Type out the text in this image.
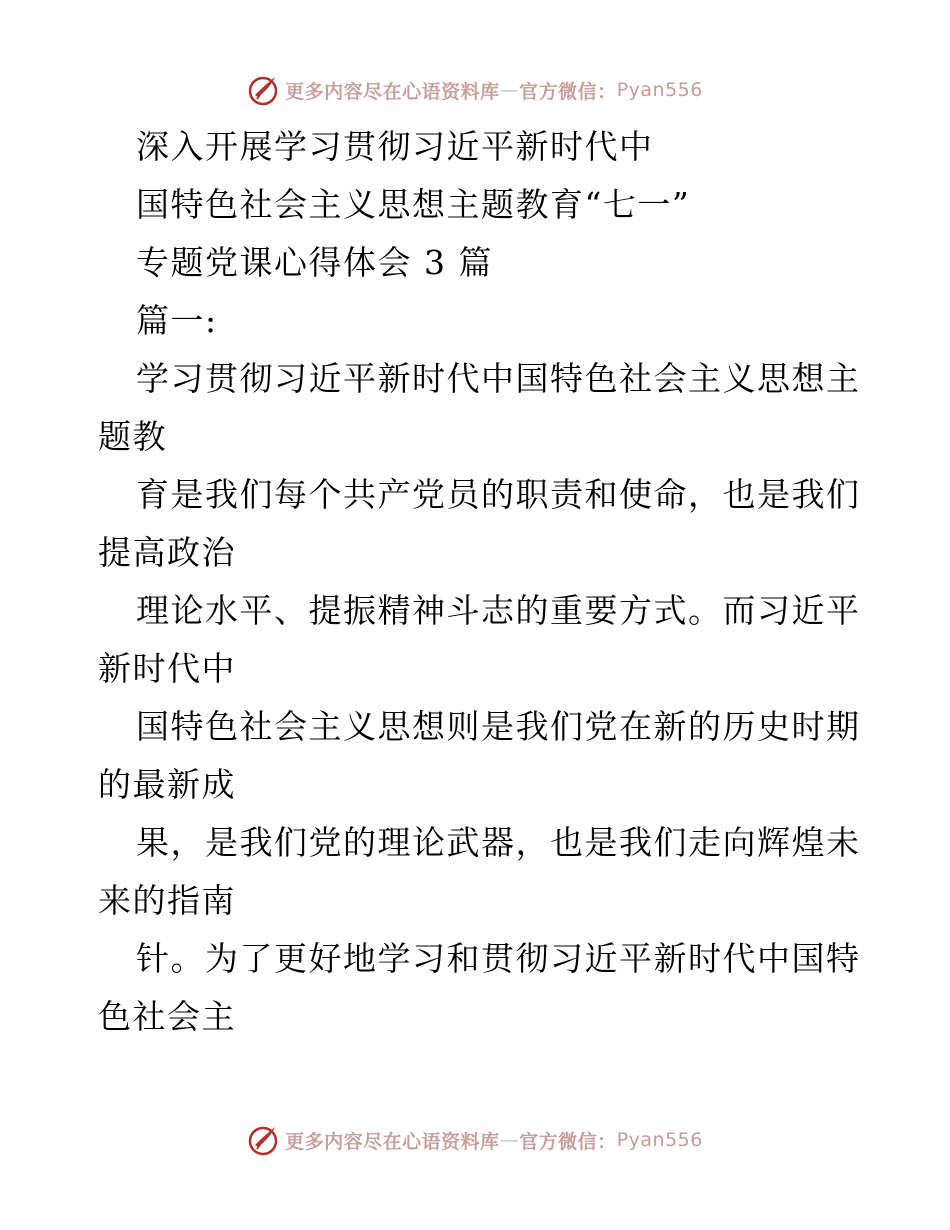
更多内容尽在心语资料库 — 官方微信： Pyan556
深入开展学习贯彻习近平新时代中
国特色社会主义思想主题教育“七一”
专题党课心得体会 3 篇
篇一:
学习贯彻习近平新时代中国特色社会主义思想主
题教
育是我们每个共产党员的职责和使命，也是我们
提高政治
理论水平、提振精神斗志的重要方式。而习近平
新时代中
国特色社会主义思想则是我们党在新的历史时期
的最新成
果，是我们党的理论武器，也是我们走向辉煌未
来的指南
针。为了更好地学习和贯彻习近平新时代中国特
色社会主
更多内容尽在心语资料库 — 官方微信： Pyan556
